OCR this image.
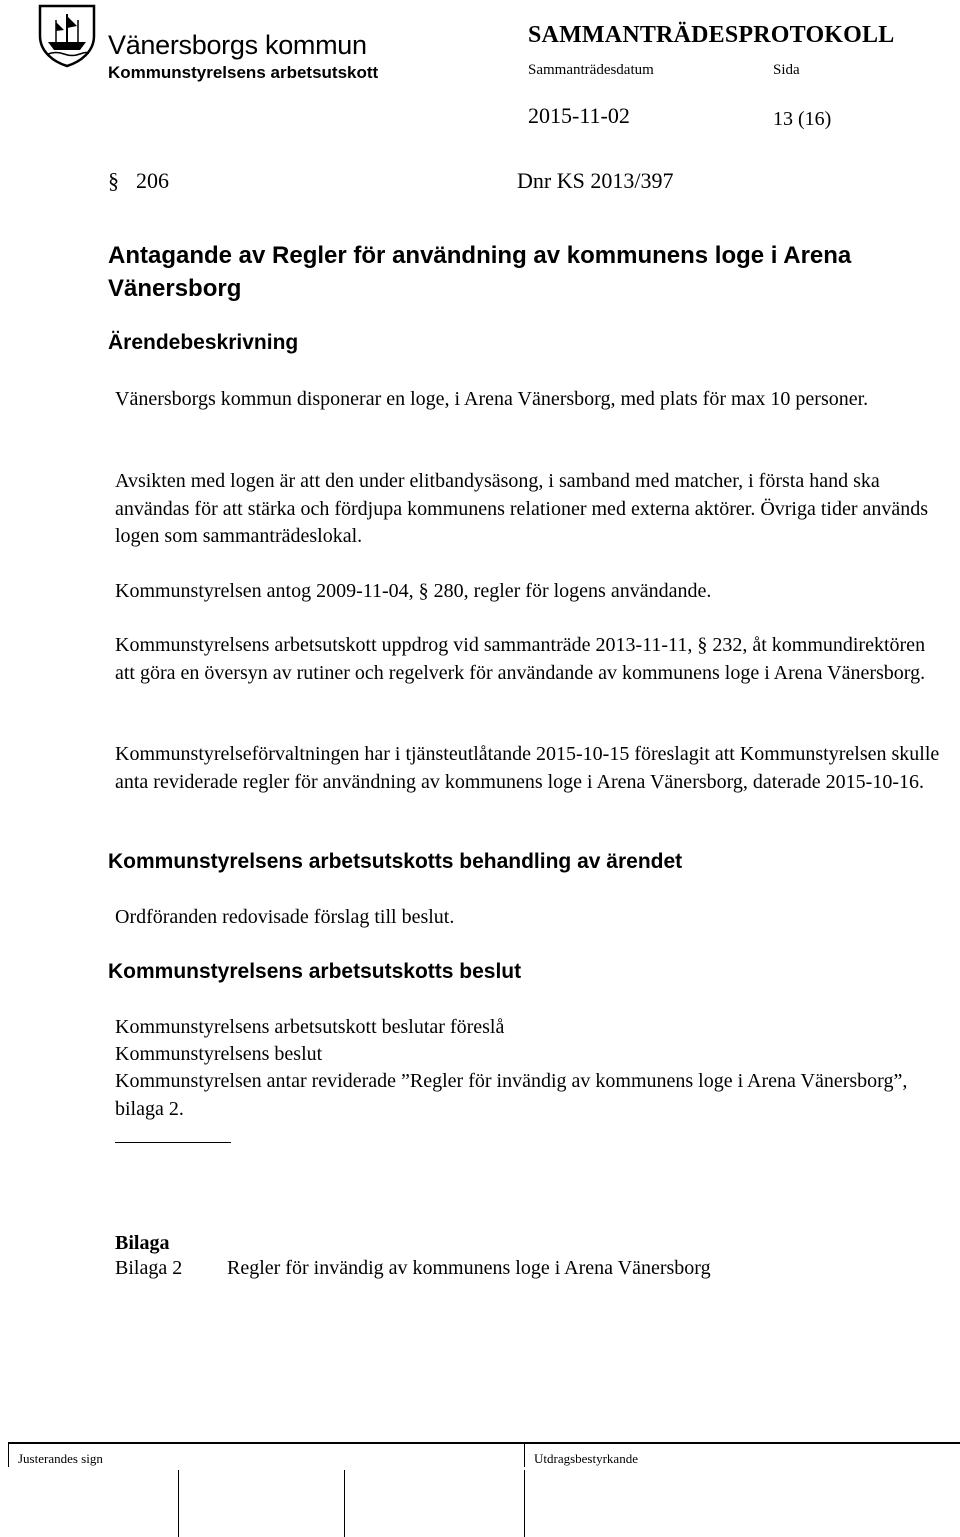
Vänersborgs kommun
Kommunstyrelsens arbetsutskott
SAMMANTRÄDESPROTOKOLL
Sammanträdesdatum	Sida
2015-11-02	13 (16)
§ 206	Dnr KS 2013/397
Antagande av Regler för användning av kommunens loge i Arena Vänersborg
Ärendebeskrivning
Vänersborgs kommun disponerar en loge, i Arena Vänersborg, med plats för max 10 personer.
Avsikten med logen är att den under elitbandysäsong, i samband med matcher, i första hand ska användas för att stärka och fördjupa kommunens relationer med externa aktörer. Övriga tider används logen som sammanträdeslokal.
Kommunstyrelsen antog 2009-11-04, § 280, regler för logens användande.
Kommunstyrelsens arbetsutskott uppdrog vid sammanträde 2013-11-11, § 232, åt kommundirektören att göra en översyn av rutiner och regelverk för användande av kommunens loge i Arena Vänersborg.
Kommunstyrelseförvaltningen har i tjänsteutlåtande 2015-10-15 föreslagit att Kommunstyrelsen skulle anta reviderade regler för användning av kommunens loge i Arena Vänersborg, daterade 2015-10-16.
Kommunstyrelsens arbetsutskotts behandling av ärendet
Ordföranden redovisade förslag till beslut.
Kommunstyrelsens arbetsutskotts beslut
Kommunstyrelsens arbetsutskott beslutar föreslå
Kommunstyrelsens beslut
Kommunstyrelsen antar reviderade ”Regler för invändig av kommunens loge i Arena Vänersborg”, bilaga 2.
Bilaga
Bilaga 2 Regler för invändig av kommunens loge i Arena Vänersborg
Justerandes sign	Utdragsbestyrkande
